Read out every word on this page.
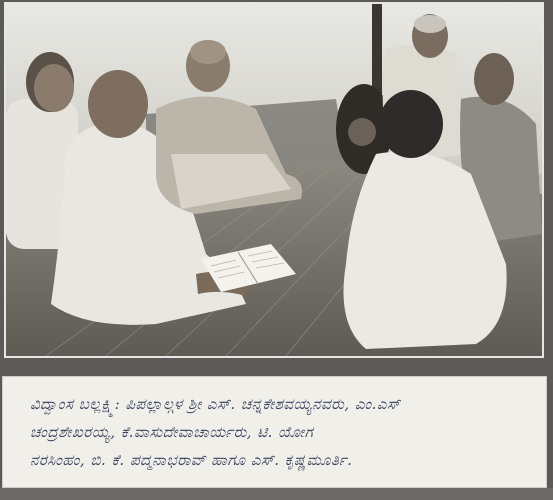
ವಿದ್ವಾಂಸ ಬಲ್ಲಕ್ಷ್ಮಿ: ಪಿಪಲ್ಲಾಲ್ಗಳ ಶ್ರೀ ಎಸ್. ಚನ್ನಕೇಶವಯ್ಯನವರು, ಎಂ.ಎಸ್
ಚಂದ್ರಶೇಖರಯ್ಯ, ಕೆ.ವಾಸುದೇವಾಚಾರ್ಯರು, ಟಿ. ಯೋಗ
ನರಸಿಂಹಂ, ಬಿ. ಕೆ. ಪದ್ಮನಾಭರಾವ್ ಹಾಗೂ ಎಸ್. ಕೃಷ್ಣಮೂರ್ತಿ.
